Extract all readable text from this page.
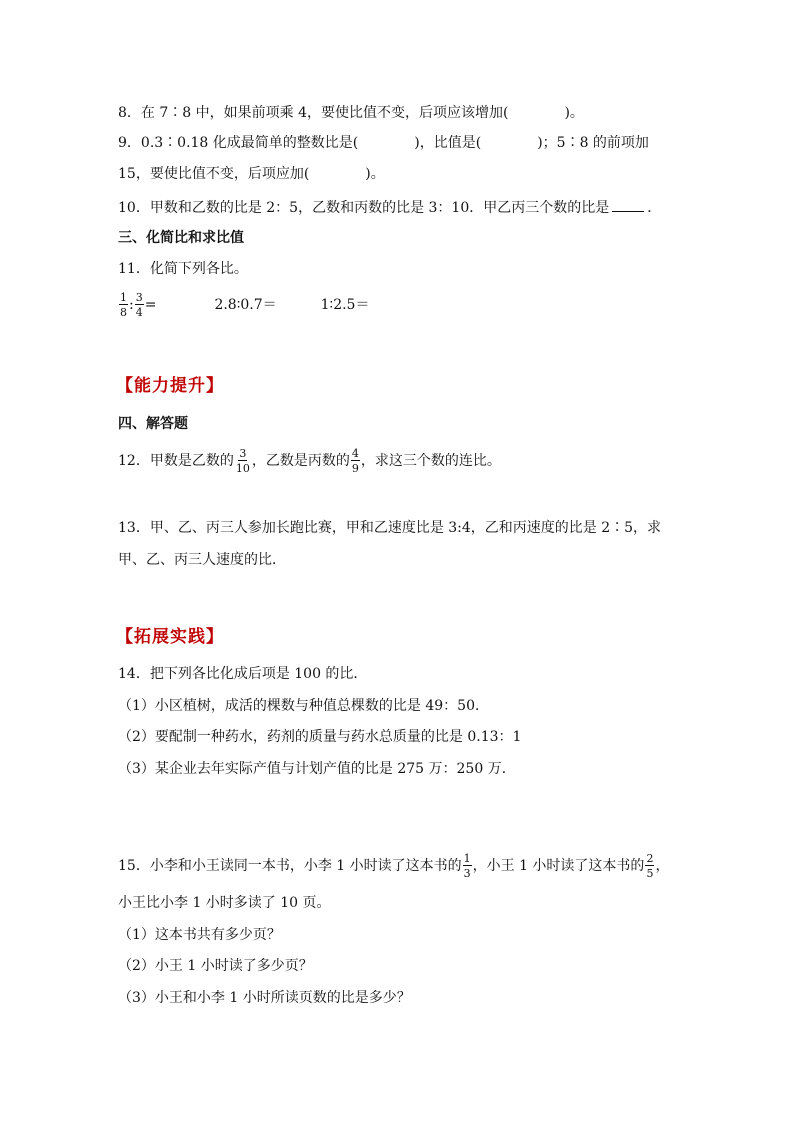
8．在 7∶8 中，如果前项乘 4，要使比值不变，后项应该增加(	)。
9．0.3∶0.18 化成最简单的整数比是(	)，比值是(	)；5∶8 的前项加
15，要使比值不变，后项应加(	)。
10．甲数和乙数的比是 2：5，乙数和丙数的比是 3：10．甲乙丙三个数的比是	．
三、化简比和求比值
11．化简下列各比。
$\frac{1}{8}$ : $\frac{3}{4}$ =	2.8∶0.7＝	1∶2.5＝
【能力提升】
四、解答题
12．甲数是乙数的 $\frac{3}{10}$ ，乙数是丙数的 $\frac{4}{9}$ ，求这三个数的连比。
13．甲、乙、丙三人参加长跑比赛，甲和乙速度比是 3:4，乙和丙速度的比是 2∶5，求
甲、乙、丙三人速度的比．
【拓展实践】
14．把下列各比化成后项是 100 的比．
（1）小区植树，成活的棵数与种值总棵数的比是 49：50．
（2）要配制一种药水，药剂的质量与药水总质量的比是 0.13：1
（3）某企业去年实际产值与计划产值的比是 275 万：250 万．
15．小李和小王读同一本书，小李 1 小时读了这本书的 $\frac{1}{3}$ ，小王 1 小时读了这本书的 $\frac{2}{5}$ ，
小王比小李 1 小时多读了 10 页。
（1）这本书共有多少页？
（2）小王 1 小时读了多少页？
（3）小王和小李 1 小时所读页数的比是多少？
